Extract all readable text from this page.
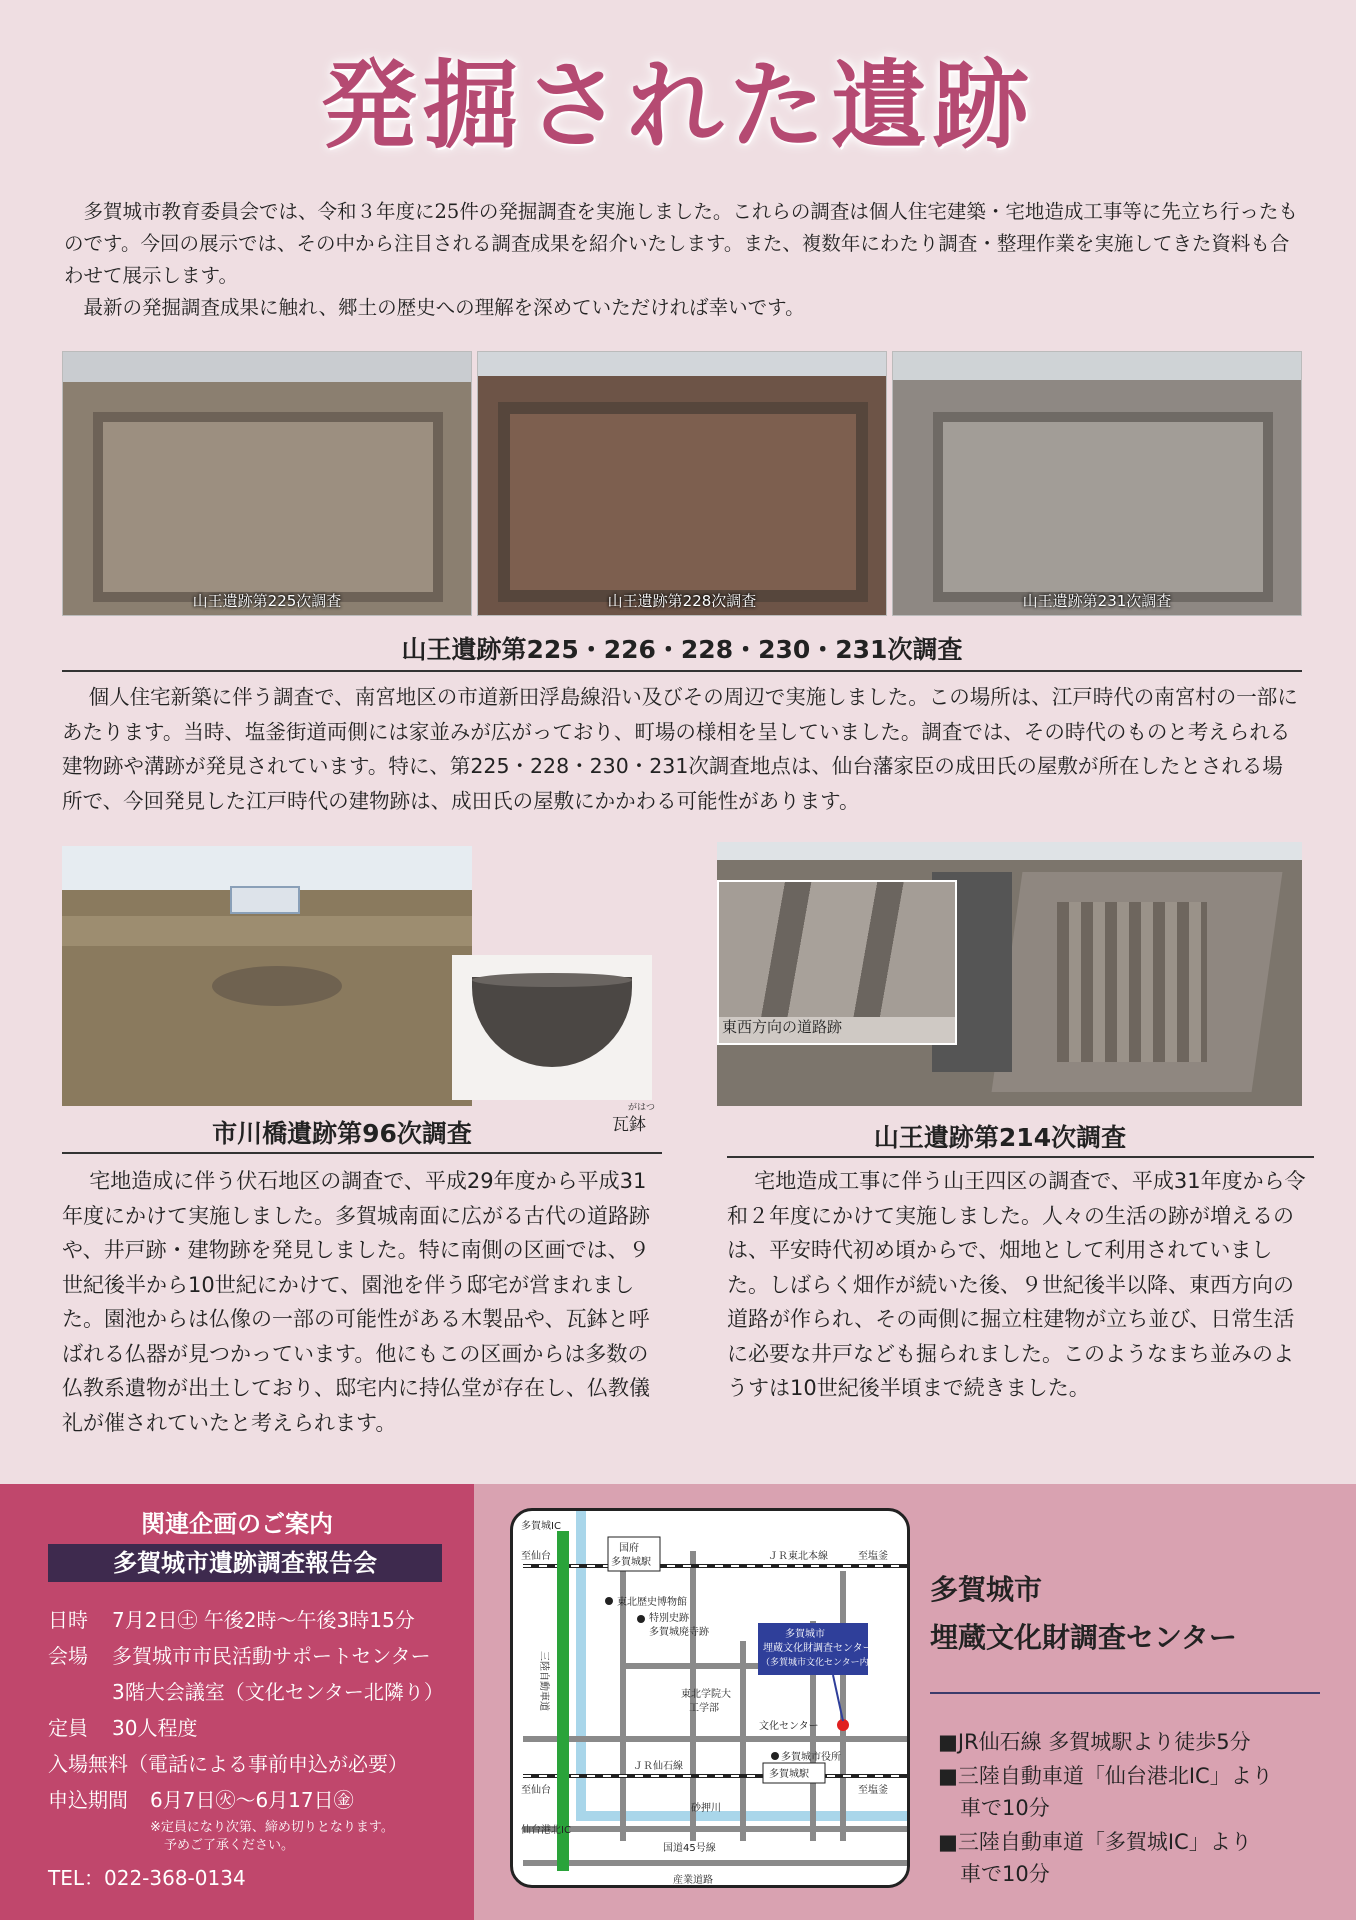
発掘された遺跡

多賀城市教育委員会では、令和３年度に25件の発掘調査を実施しました。これらの調査は個人住宅建築・宅地造成工事等に先立ち行ったものです。今回の展示では、その中から注目される調査成果を紹介いたします。また、複数年にわたり調査・整理作業を実施してきた資料も合わせて展示します。

最新の発掘調査成果に触れ、郷土の歴史への理解を深めていただければ幸いです。

山王遺跡第225次調査	山王遺跡第228次調査	山王遺跡第231次調査
山王遺跡第225・226・228・230・231次調査
個人住宅新築に伴う調査で、南宮地区の市道新田浮島線沿い及びその周辺で実施しました。この場所は、江戸時代の南宮村の一部にあたります。当時、塩釜街道両側には家並みが広がっており、町場の様相を呈していました。調査では、その時代のものと考えられる建物跡や溝跡が発見されています。特に、第225・228・230・231次調査地点は、仙台藩家臣の成田氏の屋敷が所在したとされる場所で、今回発見した江戸時代の建物跡は、成田氏の屋敷にかかわる可能性があります。
がはつ
瓦鉢
市川橋遺跡第96次調査
宅地造成に伴う伏石地区の調査で、平成29年度から平成31年度にかけて実施しました。多賀城南面に広がる古代の道路跡や、井戸跡・建物跡を発見しました。特に南側の区画では、９世紀後半から10世紀にかけて、園池を伴う邸宅が営まれました。園池からは仏像の一部の可能性がある木製品や、瓦鉢と呼ばれる仏器が見つかっています。他にもこの区画からは多数の仏教系遺物が出土しており、邸宅内に持仏堂が存在し、仏教儀礼が催されていたと考えられます。
東西方向の道路跡
山王遺跡第214次調査
宅地造成工事に伴う山王四区の調査で、平成31年度から令和２年度にかけて実施しました。人々の生活の跡が増えるのは、平安時代初め頃からで、畑地として利用されていました。しばらく畑作が続いた後、９世紀後半以降、東西方向の道路が作られ、その両側に掘立柱建物が立ち並び、日常生活に必要な井戸なども掘られました。このようなまち並みのようすは10世紀後半頃まで続きました。
関連企画のご案内
多賀城市遺跡調査報告会
日時 7月2日㊏ 午後2時～午後3時15分
会場 多賀城市市民活動サポートセンター
3階大会議室（文化センター北隣り）
定員 30人程度
入場無料（電話による事前申込が必要）
申込期間 6月7日㊋～6月17日㊎
※定員になり次第、締め切りとなります。
予めご了承ください。
TEL：022-368-0134
多賀城IC
至仙台	至塩釜
国府
多賀城駅
ＪＲ東北本線
東北歴史博物館
特別史跡
多賀城廃寺跡	多賀城市
埋蔵文化財調査センター
（多賀城市文化センター内）
東北学院大
工学部
文化センター
多賀城市役所
ＪＲ仙石線
多賀城駅
至仙台	至塩釜
砂押川
仙台港北IC
国道45号線
産業道路
三陸自動車道
多賀城市
埋蔵文化財調査センター
■JR仙石線 多賀城駅より徒歩5分
■三陸自動車道「仙台港北IC」より
車で10分
■三陸自動車道「多賀城IC」より
車で10分
